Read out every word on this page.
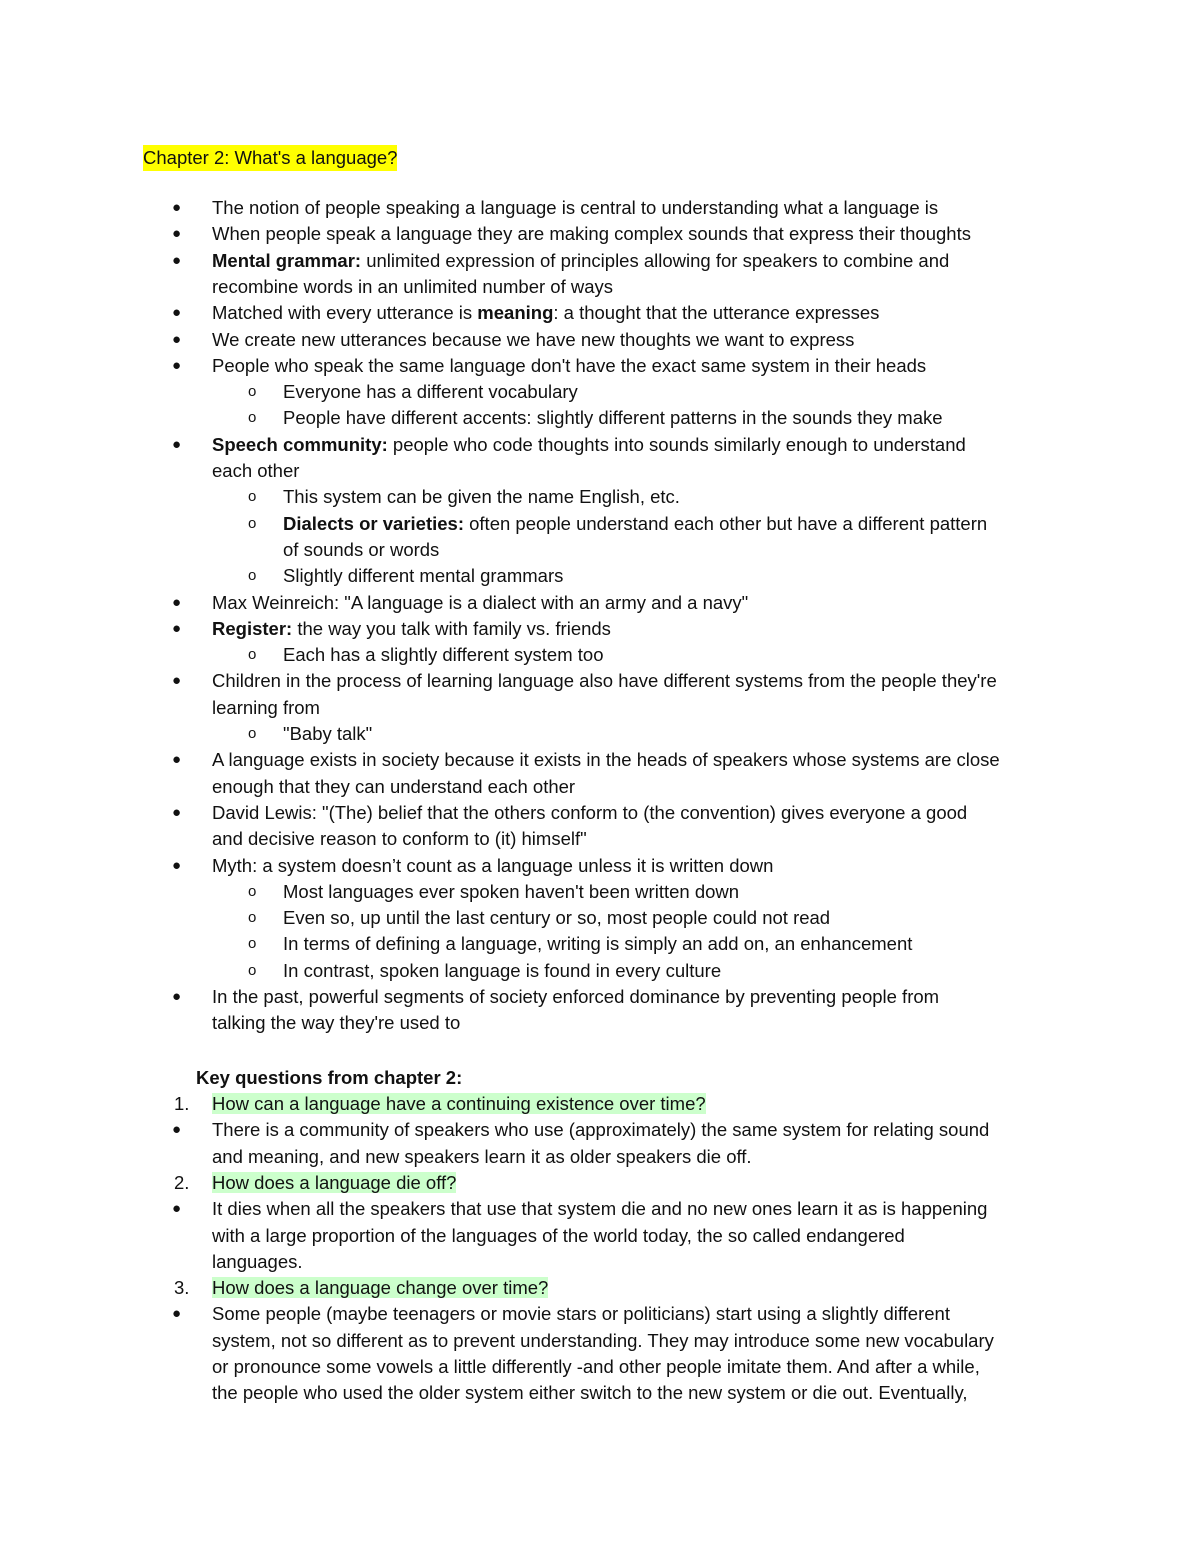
Chapter 2: What's a language?
● The notion of people speaking a language is central to understanding what a language is
● When people speak a language they are making complex sounds that express their thoughts
● Mental grammar: unlimited expression of principles allowing for speakers to combine and
recombine words in an unlimited number of ways
● Matched with every utterance is meaning: a thought that the utterance expresses
● We create new utterances because we have new thoughts we want to express
● People who speak the same language don't have the exact same system in their heads
o Everyone has a different vocabulary
o People have different accents: slightly different patterns in the sounds they make
● Speech community: people who code thoughts into sounds similarly enough to understand
each other
o This system can be given the name English, etc.
o Dialects or varieties: often people understand each other but have a different pattern
of sounds or words
o Slightly different mental grammars
● Max Weinreich: "A language is a dialect with an army and a navy"
● Register: the way you talk with family vs. friends
o Each has a slightly different system too
● Children in the process of learning language also have different systems from the people they're
learning from
o "Baby talk"
● A language exists in society because it exists in the heads of speakers whose systems are close
enough that they can understand each other
● David Lewis: "(The) belief that the others conform to (the convention) gives everyone a good
and decisive reason to conform to (it) himself"
● Myth: a system doesn’t count as a language unless it is written down
o Most languages ever spoken haven't been written down
o Even so, up until the last century or so, most people could not read
o In terms of defining a language, writing is simply an add on, an enhancement
o In contrast, spoken language is found in every culture
● In the past, powerful segments of society enforced dominance by preventing people from
talking the way they're used to
Key questions from chapter 2:
1. How can a language have a continuing existence over time?
● There is a community of speakers who use (approximately) the same system for relating sound
and meaning, and new speakers learn it as older speakers die off.
2. How does a language die off?
● It dies when all the speakers that use that system die and no new ones learn it as is happening
with a large proportion of the languages of the world today, the so called endangered
languages.
3. How does a language change over time?
● Some people (maybe teenagers or movie stars or politicians) start using a slightly different
system, not so different as to prevent understanding. They may introduce some new vocabulary
or pronounce some vowels a little differently -and other people imitate them. And after a while,
the people who used the older system either switch to the new system or die out. Eventually,
